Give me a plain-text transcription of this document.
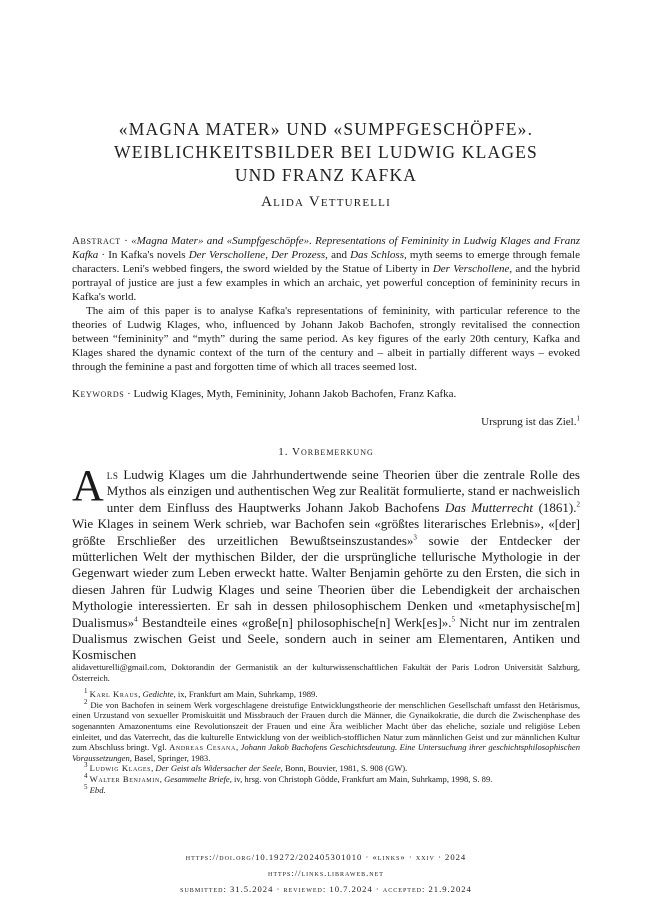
«MAGNA MATER» UND «SUMPFGESCHÖPFE».
WEIBLICHKEITSBILDER BEI LUDWIG KLAGES
UND FRANZ KAFKA
Alida Vetturelli

Abstract · «Magna Mater» and «Sumpfgeschöpfe». Representations of Femininity in Ludwig Klages and Franz Kafka · In Kafka's novels Der Verschollene, Der Prozess, and Das Schloss, myth seems to emerge through female characters. Leni's webbed fingers, the sword wielded by the Statue of Liberty in Der Verschollene, and the hybrid portrayal of justice are just a few examples in which an archaic, yet powerful conception of femininity recurs in Kafka's world.

The aim of this paper is to analyse Kafka's representations of femininity, with particular reference to the theories of Ludwig Klages, who, influenced by Johann Jakob Bachofen, strongly revitalised the connection between “femininity” and “myth” during the same period. As key figures of the early 20th century, Kafka and Klages shared the dynamic context of the turn of the century and – albeit in partially different ways – evoked through the feminine a past and forgotten time of which all traces seemed lost.

Keywords · Ludwig Klages, Myth, Femininity, Johann Jakob Bachofen, Franz Kafka.
Ursprung ist das Ziel.$^1$
1. Vorbemerkung

Als Ludwig Klages um die Jahrhundertwende seine Theorien über die zentrale Rolle des Mythos als einzigen und authentischen Weg zur Realität formulierte, stand er nachweislich unter dem Einfluss des Hauptwerks Johann Jakob Bachofens Das Mutterrecht (1861).$^2$ Wie Klages in seinem Werk schrieb, war Bachofen sein «größtes literarisches Erlebnis», «[der] größte Erschließer des urzeitlichen Bewußtseinszustandes»$^3$ sowie der Entdecker der mütterlichen Welt der mythischen Bilder, der die ursprüngliche tellurische Mythologie in der Gegenwart wieder zum Leben erweckt hatte. Walter Benjamin gehörte zu den Ersten, die sich in diesen Jahren für Ludwig Klages und seine Theorien über die Lebendigkeit der archaischen Mythologie interessierten. Er sah in dessen philosophischem Denken und «metaphysische[m] Dualismus»$^4$ Bestandteile eines «große[n] philosophische[n] Werk[es]».$^5$ Nicht nur im zentralen Dualismus zwischen Geist und Seele, sondern auch in seiner am Elementaren, Antiken und Kosmischen

alidavetturelli@gmail.com, Doktorandin der Germanistik an der kulturwissenschaftlichen Fakultät der Paris Lodron Universität Salzburg, Österreich.

$^1$ Karl Kraus, Gedichte, ix, Frankfurt am Main, Suhrkamp, 1989.

$^2$ Die von Bachofen in seinem Werk vorgeschlagene dreistufige Entwicklungstheorie der menschlichen Gesellschaft umfasst den Hetärismus, einen Urzustand von sexueller Promiskuität und Missbrauch der Frauen durch die Männer, die Gynaikokratie, die durch die Zwischenphase des sogenannten Amazonentums eine Revolutionszeit der Frauen und eine Ära weiblicher Macht über das eheliche, soziale und religiöse Leben einleitet, und das Vaterrecht, das die kulturelle Entwicklung von der weiblich-stofflichen Natur zum männlichen Geist und zur männlichen Kultur zum Abschluss bringt. Vgl. Andreas Cesana, Johann Jakob Bachofens Geschichtsdeutung. Eine Untersuchung ihrer geschichtsphilosophischen Voraussetzungen, Basel, Springer, 1983.

$^3$ Ludwig Klages, Der Geist als Widersacher der Seele, Bonn, Bouvier, 1981, S. 908 (GW).

$^4$ Walter Benjamin, Gesammelte Briefe, iv, hrsg. von Christoph Gödde, Frankfurt am Main, Suhrkamp, 1998, S. 89.

$^5$ Ebd.

https://doi.org/10.19272/202405301010 · «links» · xxiv · 2024
https://links.libraweb.net
submitted: 31.5.2024 · reviewed: 10.7.2024 · accepted: 21.9.2024
